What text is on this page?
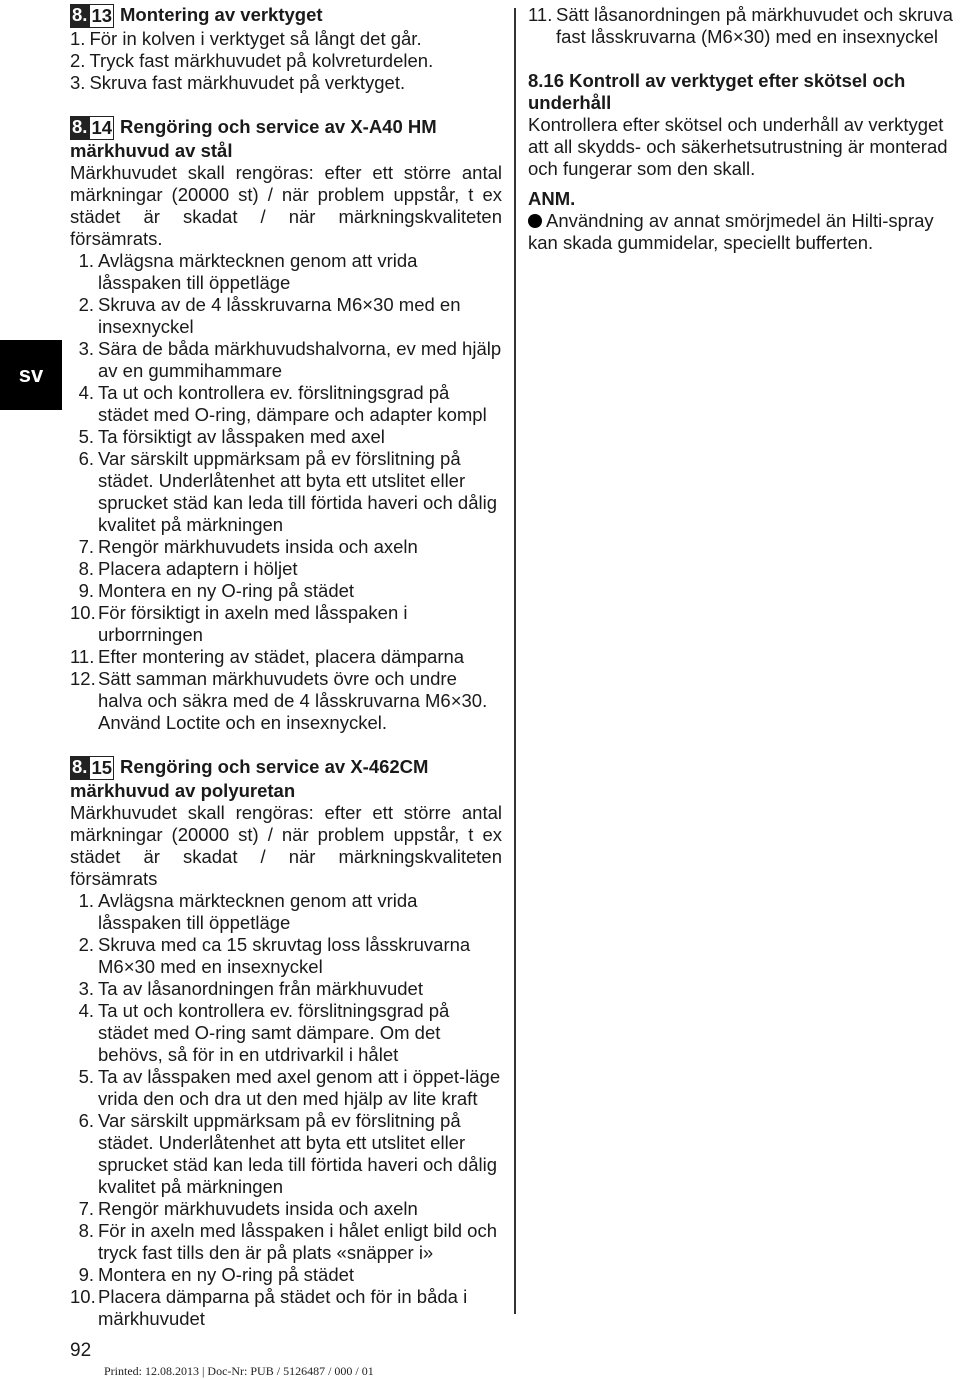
sv
8. 13 Montering av verktyget
1. För in kolven i verktyget så långt det går.
2. Tryck fast märkhuvudet på kolvreturdelen.
3. Skruva fast märkhuvudet på verktyget.
8. 14 Rengöring och service av X-A40 HM märkhuvud av stål

Märkhuvudet skall rengöras: efter ett större antal märkningar (20000 st) / när problem uppstår, t ex städet är skadat / när märkningskvaliteten försämrats.

1. Avlägsna märktecknen genom att vrida låsspaken till öppetläge
2. Skruva av de 4 låsskruvarna M6×30 med en insexnyckel
3. Sära de båda märkhuvudshalvorna, ev med hjälp av en gummihammare
4. Ta ut och kontrollera ev. förslitningsgrad på städet med O-ring, dämpare och adapter kompl
5. Ta försiktigt av låsspaken med axel
6. Var särskilt uppmärksam på ev förslitning på städet. Underlåtenhet att byta ett utslitet eller sprucket städ kan leda till förtida haveri och dålig kvalitet på märkningen
7. Rengör märkhuvudets insida och axeln
8. Placera adaptern i höljet
9. Montera en ny O-ring på städet
10. För försiktigt in axeln med låsspaken i urborrningen
11. Efter montering av städet, placera dämparna
12. Sätt samman märkhuvudets övre och undre halva och säkra med de 4 låsskruvarna M6×30. Använd Loctite och en insexnyckel.
8. 15 Rengöring och service av X-462CM märkhuvud av polyuretan

Märkhuvudet skall rengöras: efter ett större antal märkningar (20000 st) / när problem uppstår, t ex städet är skadat / när märkningskvaliteten försämrats

1. Avlägsna märktecknen genom att vrida låsspaken till öppetläge
2. Skruva med ca 15 skruvtag loss låsskruvarna M6×30 med en insexnyckel
3. Ta av låsanordningen från märkhuvudet
4. Ta ut och kontrollera ev. förslitningsgrad på städet med O-ring samt dämpare. Om det behövs, så för in en utdrivarkil i hålet
5. Ta av låsspaken med axel genom att i öppet-läge vrida den och dra ut den med hjälp av lite kraft
6. Var särskilt uppmärksam på ev förslitning på städet. Underlåtenhet att byta ett utslitet eller sprucket städ kan leda till förtida haveri och dålig kvalitet på märkningen
7. Rengör märkhuvudets insida och axeln
8. För in axeln med låsspaken i hålet enligt bild och tryck fast tills den är på plats «snäpper i»
9. Montera en ny O-ring på städet
10. Placera dämparna på städet och för in båda i märkhuvudet
11. Sätt låsanordningen på märkhuvudet och skruva fast låsskruvarna (M6×30) med en insexnyckel
8.16 Kontroll av verktyget efter skötsel och underhåll

Kontrollera efter skötsel och underhåll av verktyget att all skydds- och säkerhetsutrustning är monterad och fungerar som den skall.

ANM.
Användning av annat smörjmedel än Hilti-spray kan skada gummidelar, speciellt bufferten.
92
Printed: 12.08.2013 | Doc-Nr: PUB / 5126487 / 000 / 01
